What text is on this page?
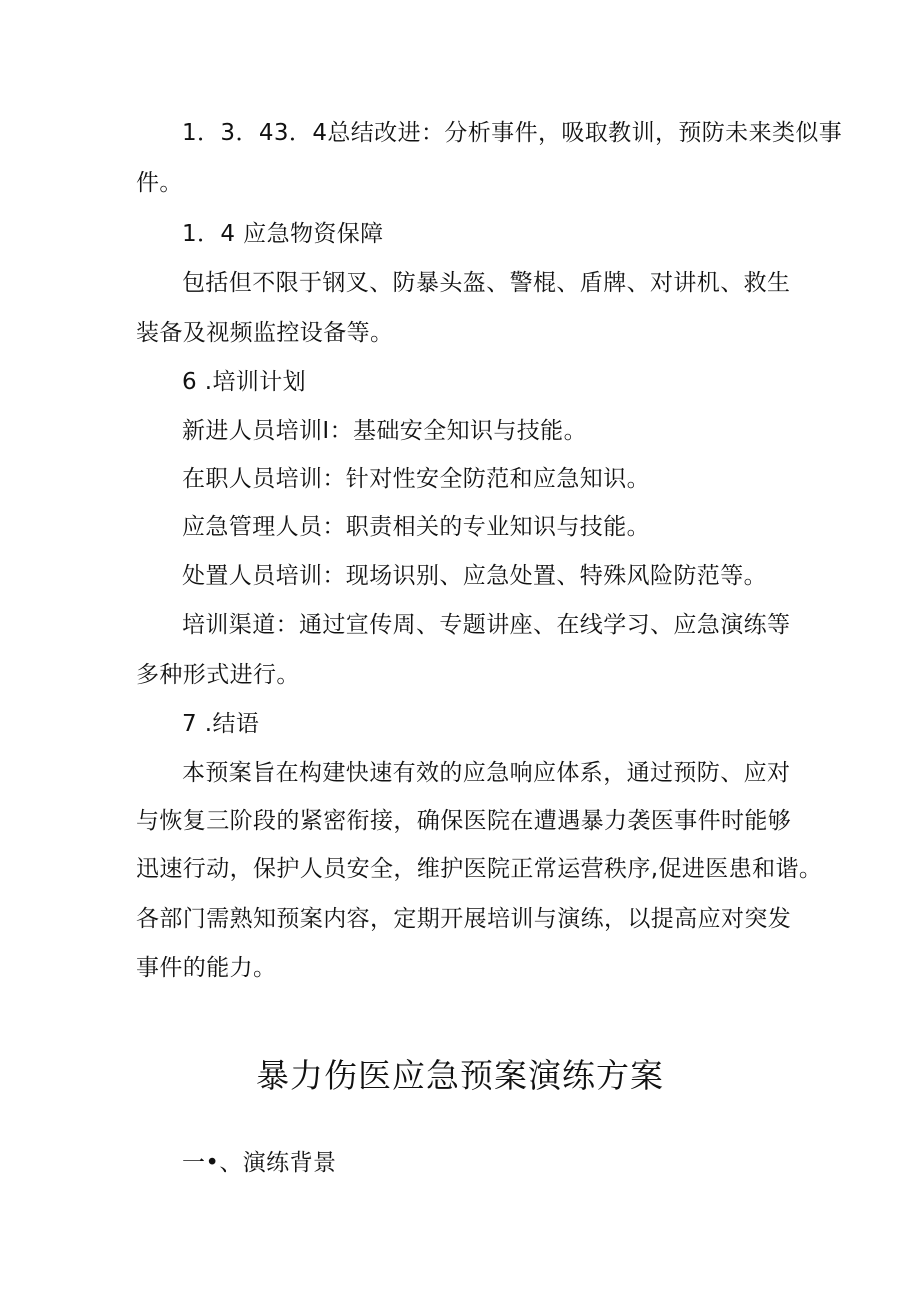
1．3．43．4总结改进：分析事件，吸取教训，预防未来类似事
件。
1．4 应急物资保障
包括但不限于钢叉、防暴头盔、警棍、盾牌、对讲机、救生
装备及视频监控设备等。
6 .培训计划
新进人员培训I：基础安全知识与技能。
在职人员培训：针对性安全防范和应急知识。
应急管理人员：职责相关的专业知识与技能。
处置人员培训：现场识别、应急处置、特殊风险防范等。
培训渠道：通过宣传周、专题讲座、在线学习、应急演练等
多种形式进行。
7 .结语
本预案旨在构建快速有效的应急响应体系，通过预防、应对
与恢复三阶段的紧密衔接，确保医院在遭遇暴力袭医事件时能够
迅速行动，保护人员安全，维护医院正常运营秩序,促进医患和谐。
各部门需熟知预案内容，定期开展培训与演练，以提高应对突发
事件的能力。
暴力伤医应急预案演练方案
一•、演练背景
